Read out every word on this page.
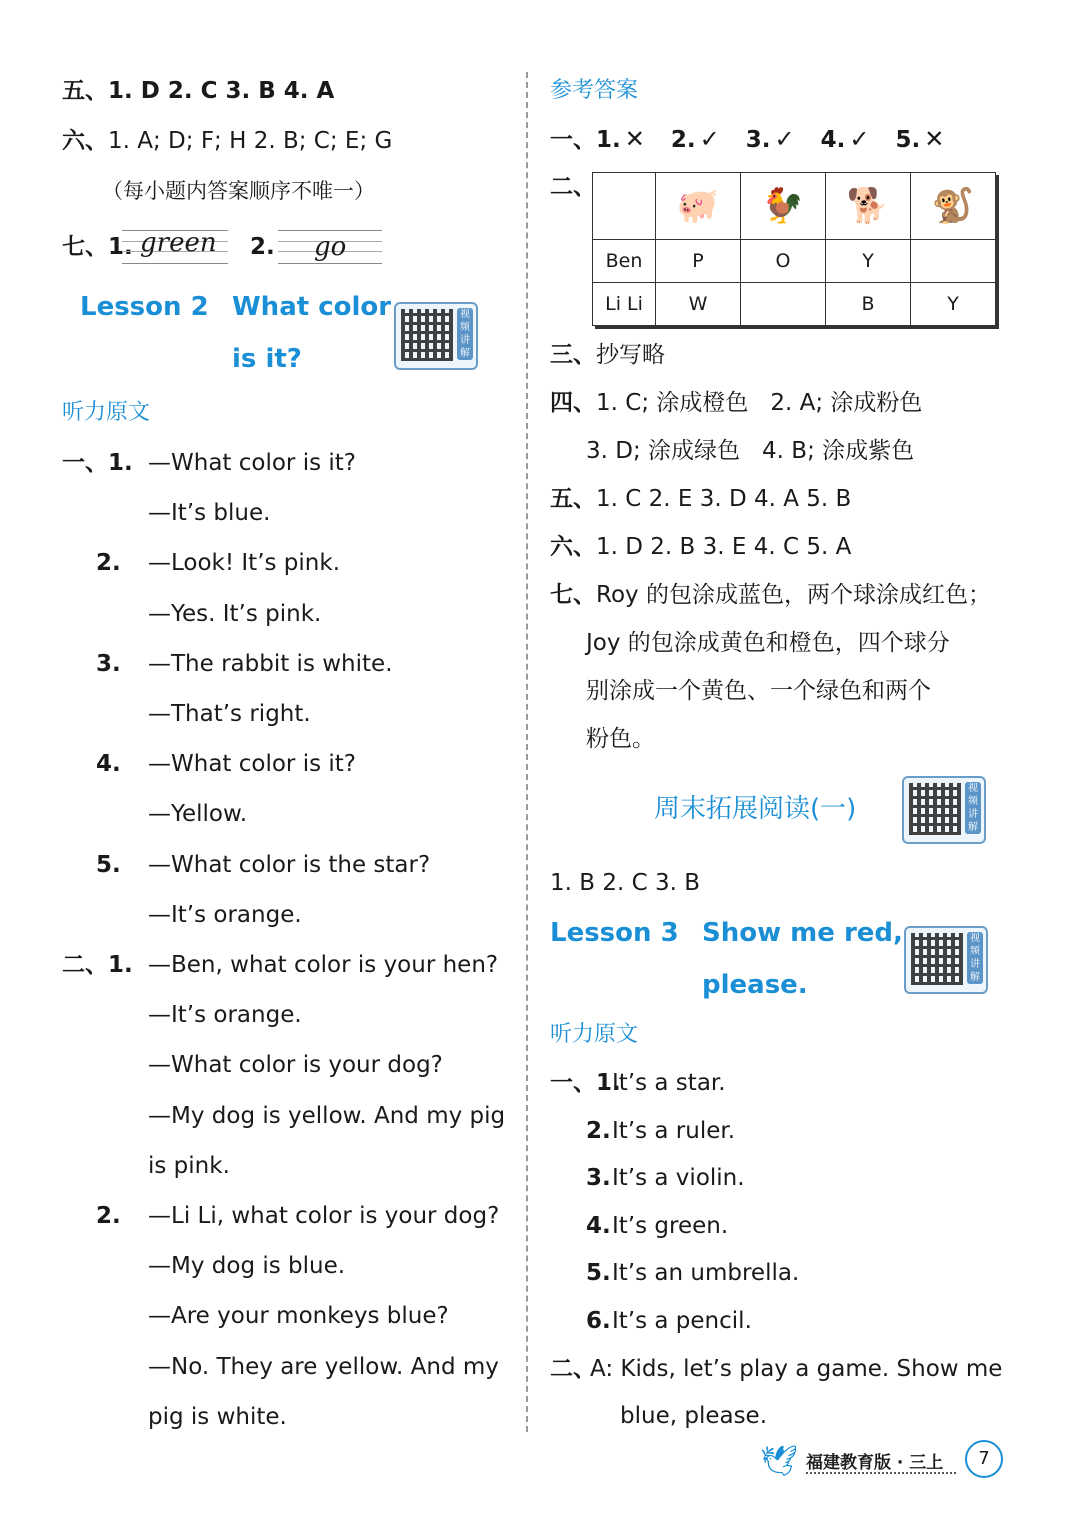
五、1. D 2. C 3. B 4. A
六、1. A; D; F; H 2. B; C; E; G
（每小题内答案顺序不唯一）
七、1. green 2. go
Lesson 2 What color
is it?
视频讲解
听力原文
一、1. —What color is it?
—It’s blue.
2. —Look! It’s pink.
—Yes. It’s pink.
3. —The rabbit is white.
—That’s right.
4. —What color is it?
—Yellow.
5. —What color is the star?
—It’s orange.
二、1. —Ben, what color is your hen?
—It’s orange.
—What color is your dog?
—My dog is yellow. And my pig
is pink.
2. —Li Li, what color is your dog?
—My dog is blue.
—Are your monkeys blue?
—No. They are yellow. And my
pig is white.
参考答案
一、1. ✕ 2. ✓ 3. ✓ 4. ✓ 5. ✕
二、
	🐖	🐓	🐕	🐒
Ben	P	O	Y	
Li Li	W		B	Y
三、抄写略
四、1. C; 涂成橙色 2. A; 涂成粉色
3. D; 涂成绿色 4. B; 涂成紫色
五、1. C 2. E 3. D 4. A 5. B
六、1. D 2. B 3. E 4. C 5. A
七、Roy 的包涂成蓝色，两个球涂成红色；
Joy 的包涂成黄色和橙色，四个球分
别涂成一个黄色、一个绿色和两个
粉色。
周末拓展阅读(一)
视频讲解
1. B 2. C 3. B
Lesson 3 Show me red,
please.
视频讲解
听力原文
一、1.
It’s a star.
2. It’s a ruler.
3. It’s a violin.
4. It’s green.
5. It’s an umbrella.
6. It’s a pencil.
二、
A: Kids, let’s play a game. Show me
blue, please.
🕊 福建教育版 · 三上	7
